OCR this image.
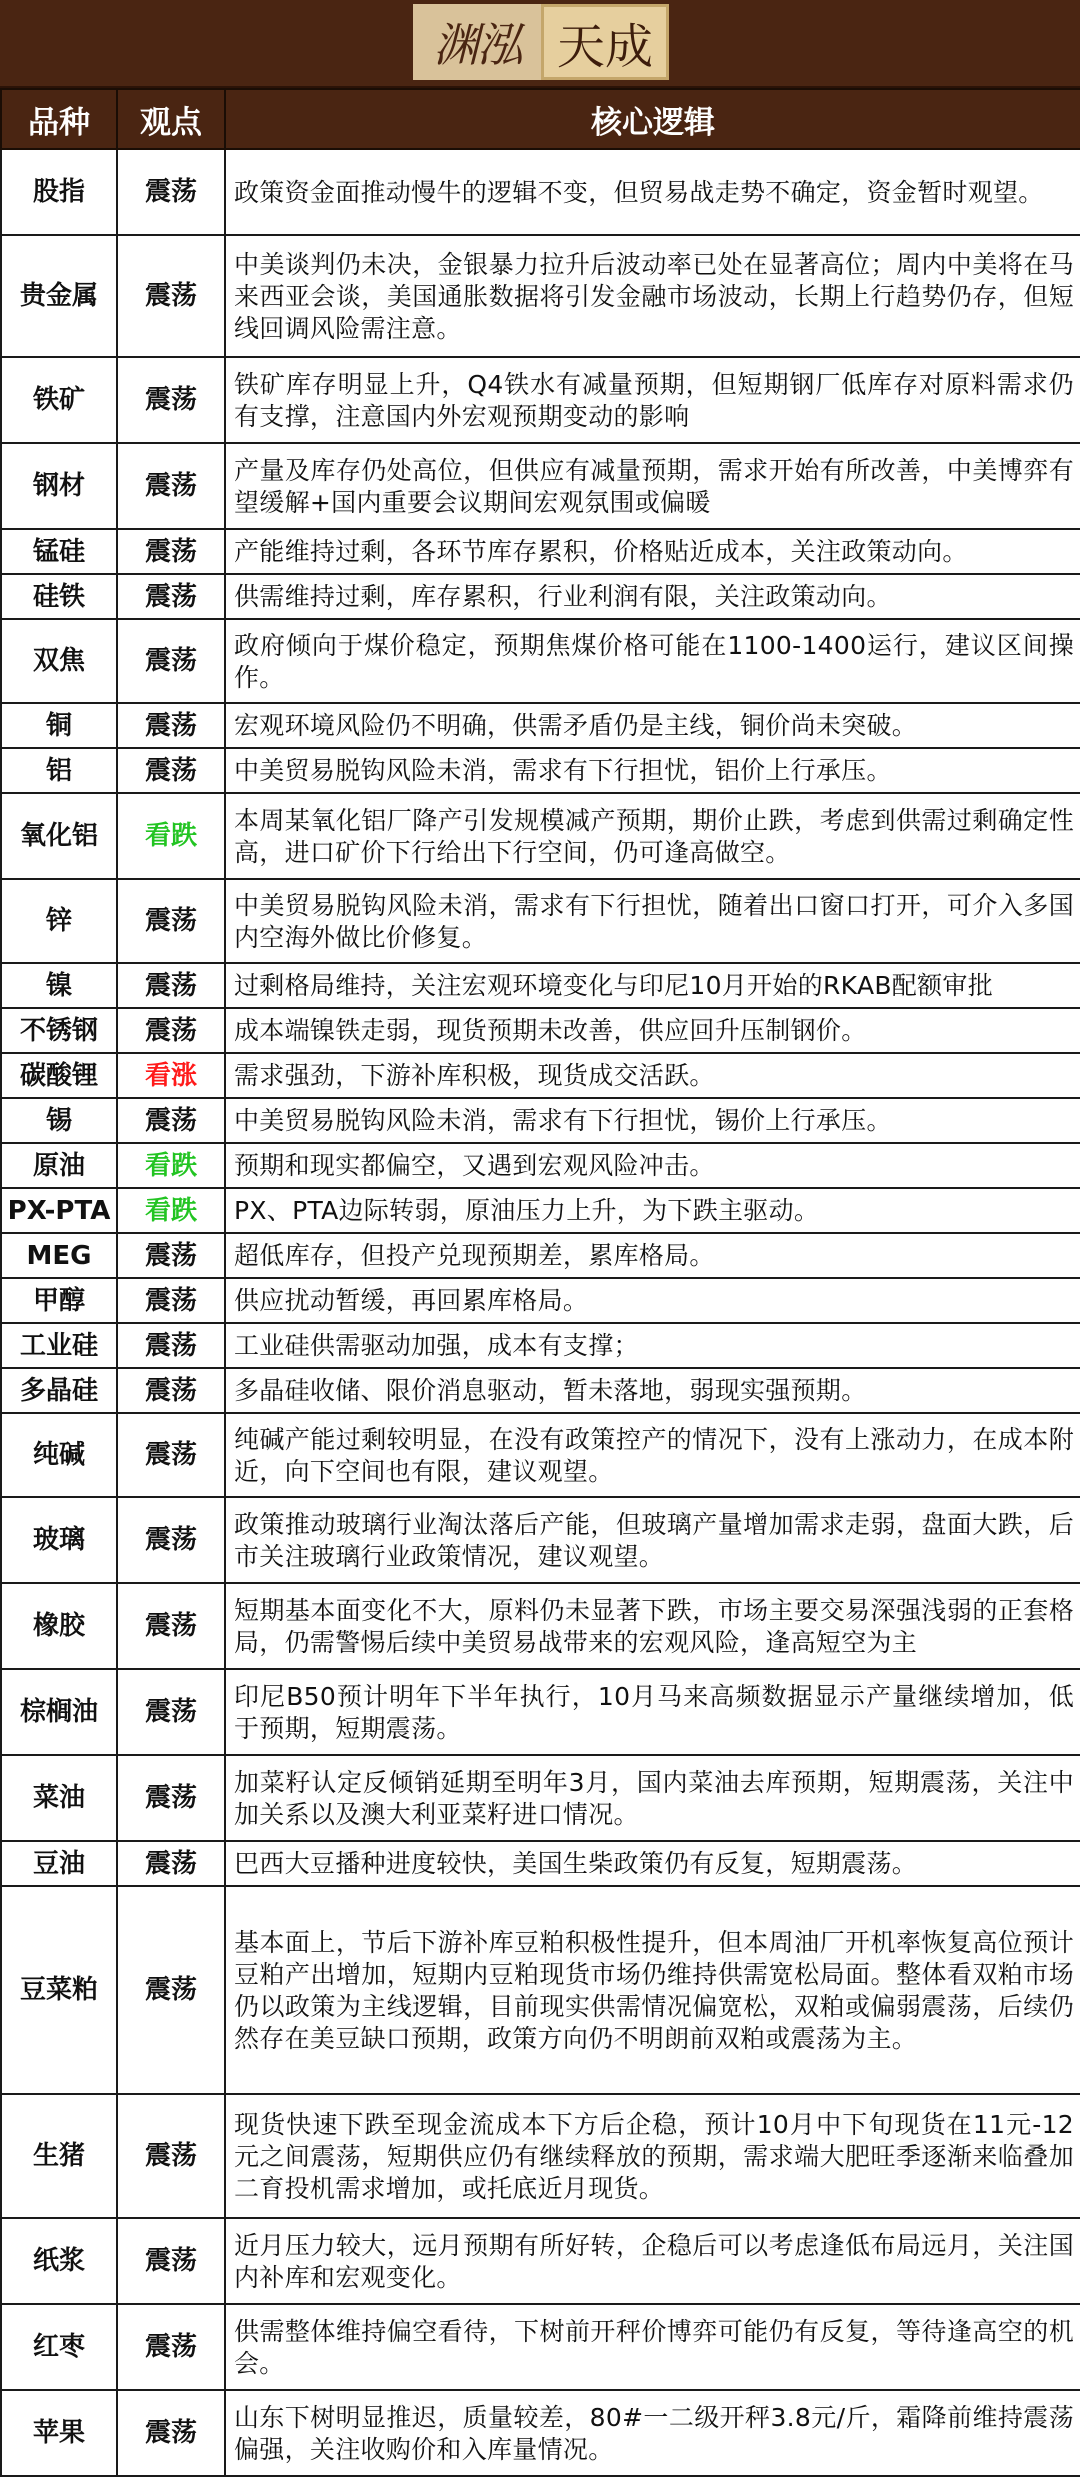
渊泓 天成
品种	观点	核心逻辑
股指	震荡	政策资金面推动慢牛的逻辑不变，但贸易战走势不确定，资金暂时观望。
贵金属	震荡	中美谈判仍未决，金银暴力拉升后波动率已处在显著高位；周内中美将在马来西亚会谈，美国通胀数据将引发金融市场波动，长期上行趋势仍存，但短线回调风险需注意。
铁矿	震荡	铁矿库存明显上升，Q4铁水有减量预期，但短期钢厂低库存对原料需求仍有支撑，注意国内外宏观预期变动的影响
钢材	震荡	产量及库存仍处高位，但供应有减量预期，需求开始有所改善，中美博弈有望缓解+国内重要会议期间宏观氛围或偏暖
锰硅	震荡	产能维持过剩，各环节库存累积，价格贴近成本，关注政策动向。
硅铁	震荡	供需维持过剩，库存累积，行业利润有限，关注政策动向。
双焦	震荡	政府倾向于煤价稳定，预期焦煤价格可能在1100-1400运行，建议区间操作。
铜	震荡	宏观环境风险仍不明确，供需矛盾仍是主线，铜价尚未突破。
铝	震荡	中美贸易脱钩风险未消，需求有下行担忧，铝价上行承压。
氧化铝	看跌	本周某氧化铝厂降产引发规模减产预期，期价止跌，考虑到供需过剩确定性高，进口矿价下行给出下行空间，仍可逢高做空。
锌	震荡	中美贸易脱钩风险未消，需求有下行担忧，随着出口窗口打开，可介入多国内空海外做比价修复。
镍	震荡	过剩格局维持，关注宏观环境变化与印尼10月开始的RKAB配额审批
不锈钢	震荡	成本端镍铁走弱，现货预期未改善，供应回升压制钢价。
碳酸锂	看涨	需求强劲，下游补库积极，现货成交活跃。
锡	震荡	中美贸易脱钩风险未消，需求有下行担忧，锡价上行承压。
原油	看跌	预期和现实都偏空，又遇到宏观风险冲击。
PX-PTA	看跌	PX、PTA边际转弱，原油压力上升，为下跌主驱动。
MEG	震荡	超低库存，但投产兑现预期差，累库格局。
甲醇	震荡	供应扰动暂缓，再回累库格局。
工业硅	震荡	工业硅供需驱动加强，成本有支撑；
多晶硅	震荡	多晶硅收储、限价消息驱动，暂未落地，弱现实强预期。
纯碱	震荡	纯碱产能过剩较明显，在没有政策控产的情况下，没有上涨动力，在成本附近，向下空间也有限，建议观望。
玻璃	震荡	政策推动玻璃行业淘汰落后产能，但玻璃产量增加需求走弱，盘面大跌，后市关注玻璃行业政策情况，建议观望。
橡胶	震荡	短期基本面变化不大，原料仍未显著下跌，市场主要交易深强浅弱的正套格局，仍需警惕后续中美贸易战带来的宏观风险，逢高短空为主
棕榈油	震荡	印尼B50预计明年下半年执行，10月马来高频数据显示产量继续增加，低于预期，短期震荡。
菜油	震荡	加菜籽认定反倾销延期至明年3月，国内菜油去库预期，短期震荡，关注中加关系以及澳大利亚菜籽进口情况。
豆油	震荡	巴西大豆播种进度较快，美国生柴政策仍有反复，短期震荡。
豆菜粕	震荡	基本面上，节后下游补库豆粕积极性提升，但本周油厂开机率恢复高位预计豆粕产出增加，短期内豆粕现货市场仍维持供需宽松局面。整体看双粕市场仍以政策为主线逻辑，目前现实供需情况偏宽松，双粕或偏弱震荡，后续仍然存在美豆缺口预期，政策方向仍不明朗前双粕或震荡为主。
生猪	震荡	现货快速下跌至现金流成本下方后企稳，预计10月中下旬现货在11元-12元之间震荡，短期供应仍有继续释放的预期，需求端大肥旺季逐渐来临叠加二育投机需求增加，或托底近月现货。
纸浆	震荡	近月压力较大，远月预期有所好转，企稳后可以考虑逢低布局远月，关注国内补库和宏观变化。
红枣	震荡	供需整体维持偏空看待，下树前开秤价博弈可能仍有反复，等待逢高空的机会。
苹果	震荡	山东下树明显推迟，质量较差，80#一二级开秤3.8元/斤，霜降前维持震荡偏强，关注收购价和入库量情况。
